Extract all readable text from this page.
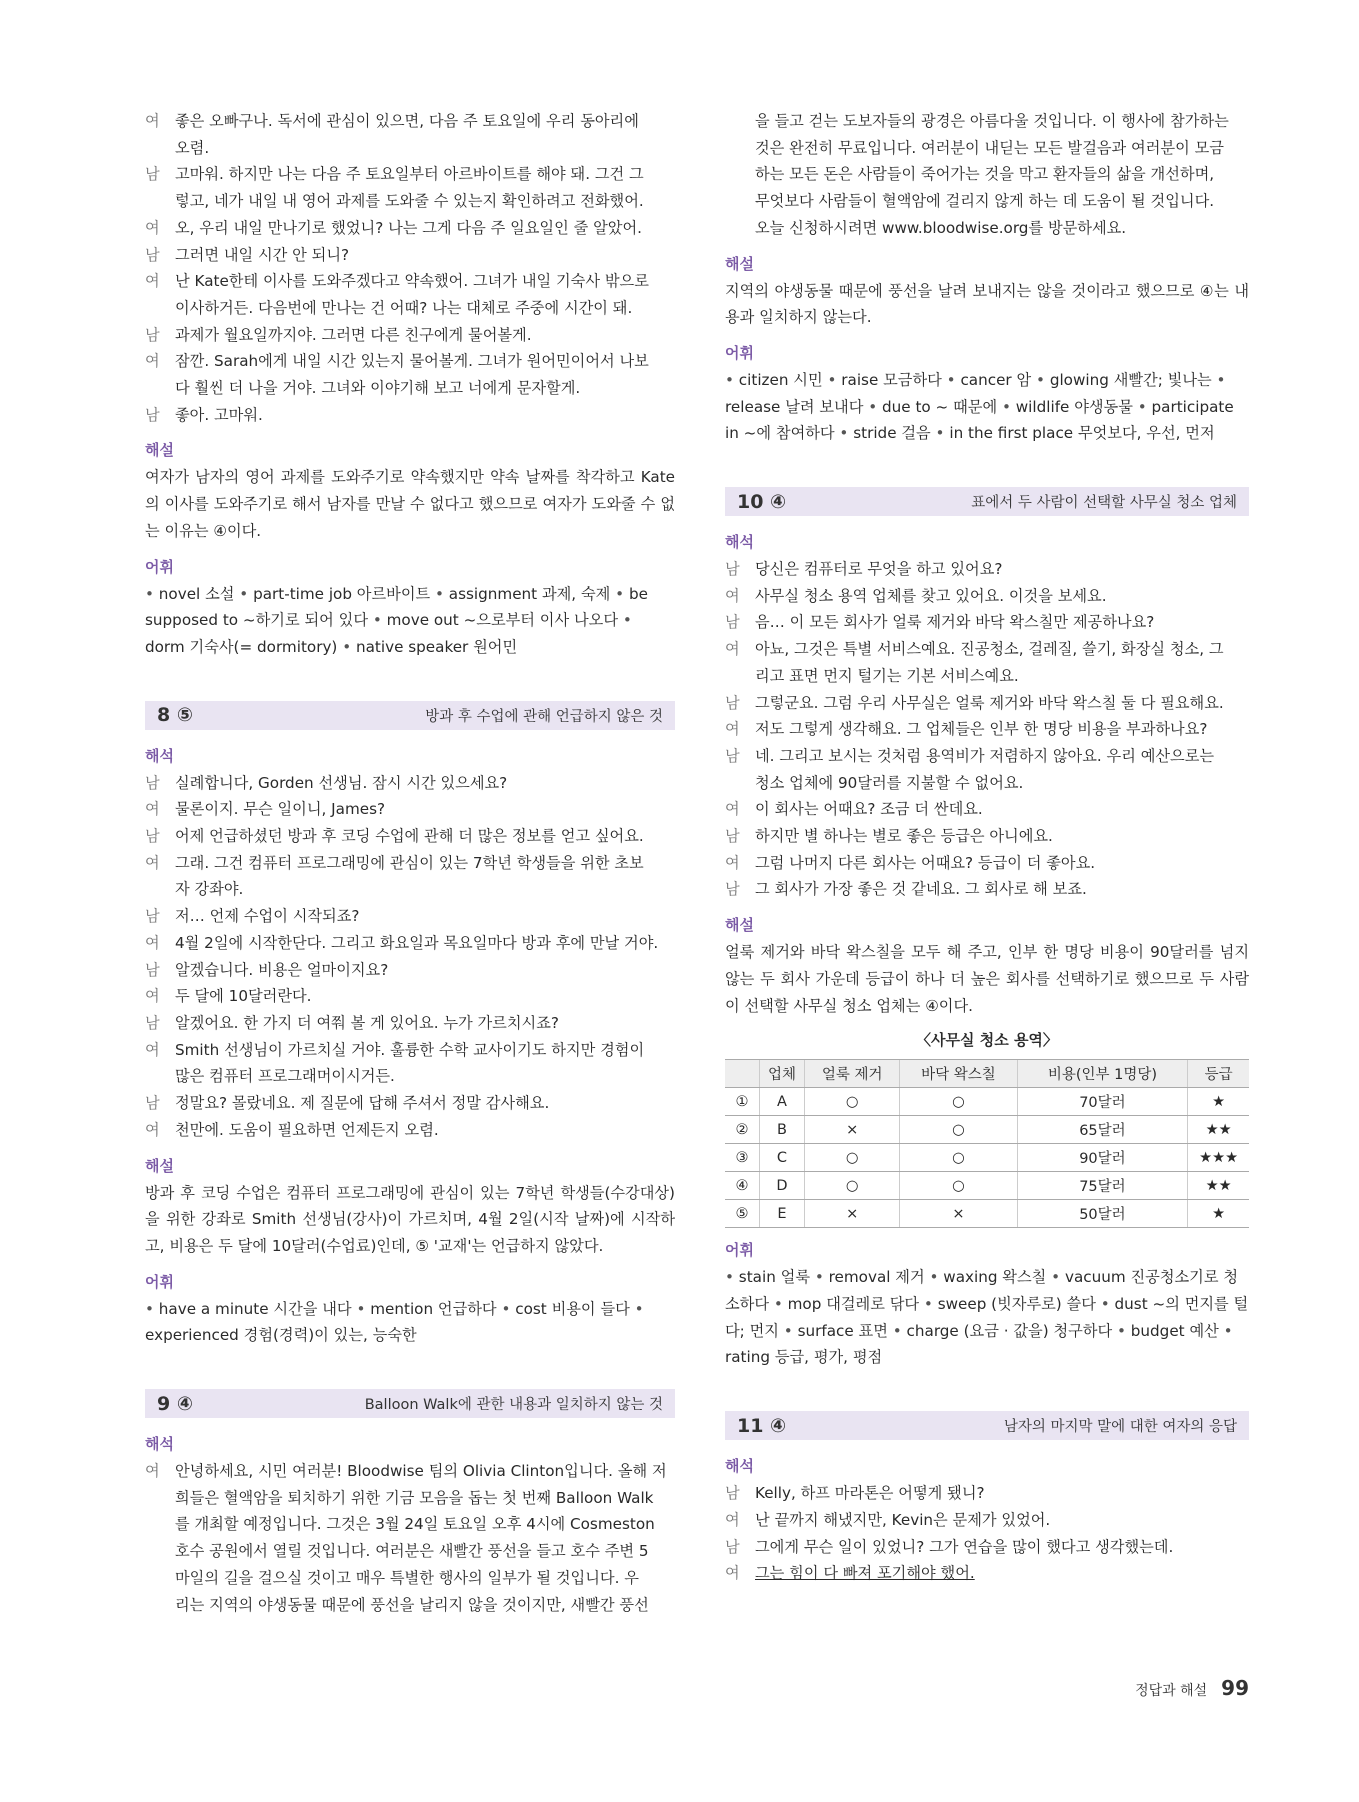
여	좋은 오빠구나. 독서에 관심이 있으면, 다음 주 토요일에 우리 동아리에
오렴.
남	고마워. 하지만 나는 다음 주 토요일부터 아르바이트를 해야 돼. 그건 그
렇고, 네가 내일 내 영어 과제를 도와줄 수 있는지 확인하려고 전화했어.
여	오, 우리 내일 만나기로 했었니? 나는 그게 다음 주 일요일인 줄 알았어.
남	그러면 내일 시간 안 되니?
여	난 Kate한테 이사를 도와주겠다고 약속했어. 그녀가 내일 기숙사 밖으로
이사하거든. 다음번에 만나는 건 어때? 나는 대체로 주중에 시간이 돼.
남	과제가 월요일까지야. 그러면 다른 친구에게 물어볼게.
여	잠깐. Sarah에게 내일 시간 있는지 물어볼게. 그녀가 원어민이어서 나보
다 훨씬 더 나을 거야. 그녀와 이야기해 보고 너에게 문자할게.
남	좋아. 고마워.
해설
여자가 남자의 영어 과제를 도와주기로 약속했지만 약속 날짜를 착각하고 Kate의 이사를 도와주기로 해서 남자를 만날 수 없다고 했으므로 여자가 도와줄 수 없는 이유는 ④이다.
어휘
• novel 소설 • part-time job 아르바이트 • assignment 과제, 숙제 • be supposed to ~하기로 되어 있다 • move out ~으로부터 이사 나오다 • dorm 기숙사(= dormitory) • native speaker 원어민
8 ⑤	방과 후 수업에 관해 언급하지 않은 것
해석
남	실례합니다, Gorden 선생님. 잠시 시간 있으세요?
여	물론이지. 무슨 일이니, James?
남	어제 언급하셨던 방과 후 코딩 수업에 관해 더 많은 정보를 얻고 싶어요.
여	그래. 그건 컴퓨터 프로그래밍에 관심이 있는 7학년 학생들을 위한 초보
자 강좌야.
남	저… 언제 수업이 시작되죠?
여	4월 2일에 시작한단다. 그리고 화요일과 목요일마다 방과 후에 만날 거야.
남	알겠습니다. 비용은 얼마이지요?
여	두 달에 10달러란다.
남	알겠어요. 한 가지 더 여쭤 볼 게 있어요. 누가 가르치시죠?
여	Smith 선생님이 가르치실 거야. 훌륭한 수학 교사이기도 하지만 경험이
많은 컴퓨터 프로그래머이시거든.
남	정말요? 몰랐네요. 제 질문에 답해 주셔서 정말 감사해요.
여	천만에. 도움이 필요하면 언제든지 오렴.
해설
방과 후 코딩 수업은 컴퓨터 프로그래밍에 관심이 있는 7학년 학생들(수강대상)을 위한 강좌로 Smith 선생님(강사)이 가르치며, 4월 2일(시작 날짜)에 시작하고, 비용은 두 달에 10달러(수업료)인데, ⑤ '교재'는 언급하지 않았다.
어휘
• have a minute 시간을 내다 • mention 언급하다 • cost 비용이 들다 • experienced 경험(경력)이 있는, 능숙한
9 ④	Balloon Walk에 관한 내용과 일치하지 않는 것
해석
여	안녕하세요, 시민 여러분! Bloodwise 팀의 Olivia Clinton입니다. 올해 저
희들은 혈액암을 퇴치하기 위한 기금 모음을 돕는 첫 번째 Balloon Walk
를 개최할 예정입니다. 그것은 3월 24일 토요일 오후 4시에 Cosmeston
호수 공원에서 열릴 것입니다. 여러분은 새빨간 풍선을 들고 호수 주변 5
마일의 길을 걸으실 것이고 매우 특별한 행사의 일부가 될 것입니다. 우
리는 지역의 야생동물 때문에 풍선을 날리지 않을 것이지만, 새빨간 풍선
을 들고 걷는 도보자들의 광경은 아름다울 것입니다. 이 행사에 참가하는
것은 완전히 무료입니다. 여러분이 내딛는 모든 발걸음과 여러분이 모금
하는 모든 돈은 사람들이 죽어가는 것을 막고 환자들의 삶을 개선하며,
무엇보다 사람들이 혈액암에 걸리지 않게 하는 데 도움이 될 것입니다.
오늘 신청하시려면 www.bloodwise.org를 방문하세요.
해설
지역의 야생동물 때문에 풍선을 날려 보내지는 않을 것이라고 했으므로 ④는 내용과 일치하지 않는다.
어휘
• citizen 시민 • raise 모금하다 • cancer 암 • glowing 새빨간; 빛나는 • release 날려 보내다 • due to ~ 때문에 • wildlife 야생동물 • participate in ~에 참여하다 • stride 걸음 • in the first place 무엇보다, 우선, 먼저
10 ④	표에서 두 사람이 선택할 사무실 청소 업체
해석
남	당신은 컴퓨터로 무엇을 하고 있어요?
여	사무실 청소 용역 업체를 찾고 있어요. 이것을 보세요.
남	음… 이 모든 회사가 얼룩 제거와 바닥 왁스칠만 제공하나요?
여	아뇨, 그것은 특별 서비스예요. 진공청소, 걸레질, 쓸기, 화장실 청소, 그
리고 표면 먼지 털기는 기본 서비스예요.
남	그렇군요. 그럼 우리 사무실은 얼룩 제거와 바닥 왁스칠 둘 다 필요해요.
여	저도 그렇게 생각해요. 그 업체들은 인부 한 명당 비용을 부과하나요?
남	네. 그리고 보시는 것처럼 용역비가 저렴하지 않아요. 우리 예산으로는
청소 업체에 90달러를 지불할 수 없어요.
여	이 회사는 어때요? 조금 더 싼데요.
남	하지만 별 하나는 별로 좋은 등급은 아니에요.
여	그럼 나머지 다른 회사는 어때요? 등급이 더 좋아요.
남	그 회사가 가장 좋은 것 같네요. 그 회사로 해 보죠.
해설
얼룩 제거와 바닥 왁스칠을 모두 해 주고, 인부 한 명당 비용이 90달러를 넘지 않는 두 회사 가운데 등급이 하나 더 높은 회사를 선택하기로 했으므로 두 사람이 선택할 사무실 청소 업체는 ④이다.
〈사무실 청소 용역〉
	업체	얼룩 제거	바닥 왁스칠	비용(인부 1명당)	등급
①	A	○	○	70달러	★
②	B	×	○	65달러	★★
③	C	○	○	90달러	★★★
④	D	○	○	75달러	★★
⑤	E	×	×	50달러	★
어휘
• stain 얼룩 • removal 제거 • waxing 왁스칠 • vacuum 진공청소기로 청소하다 • mop 대걸레로 닦다 • sweep (빗자루로) 쓸다 • dust ~의 먼지를 털다; 먼지 • surface 표면 • charge (요금 · 값을) 청구하다 • budget 예산 • rating 등급, 평가, 평점
11 ④	남자의 마지막 말에 대한 여자의 응답
해석
남	Kelly, 하프 마라톤은 어떻게 됐니?
여	난 끝까지 해냈지만, Kevin은 문제가 있었어.
남	그에게 무슨 일이 있었니? 그가 연습을 많이 했다고 생각했는데.
여	그는 힘이 다 빠져 포기해야 했어.
정답과 해설 99
